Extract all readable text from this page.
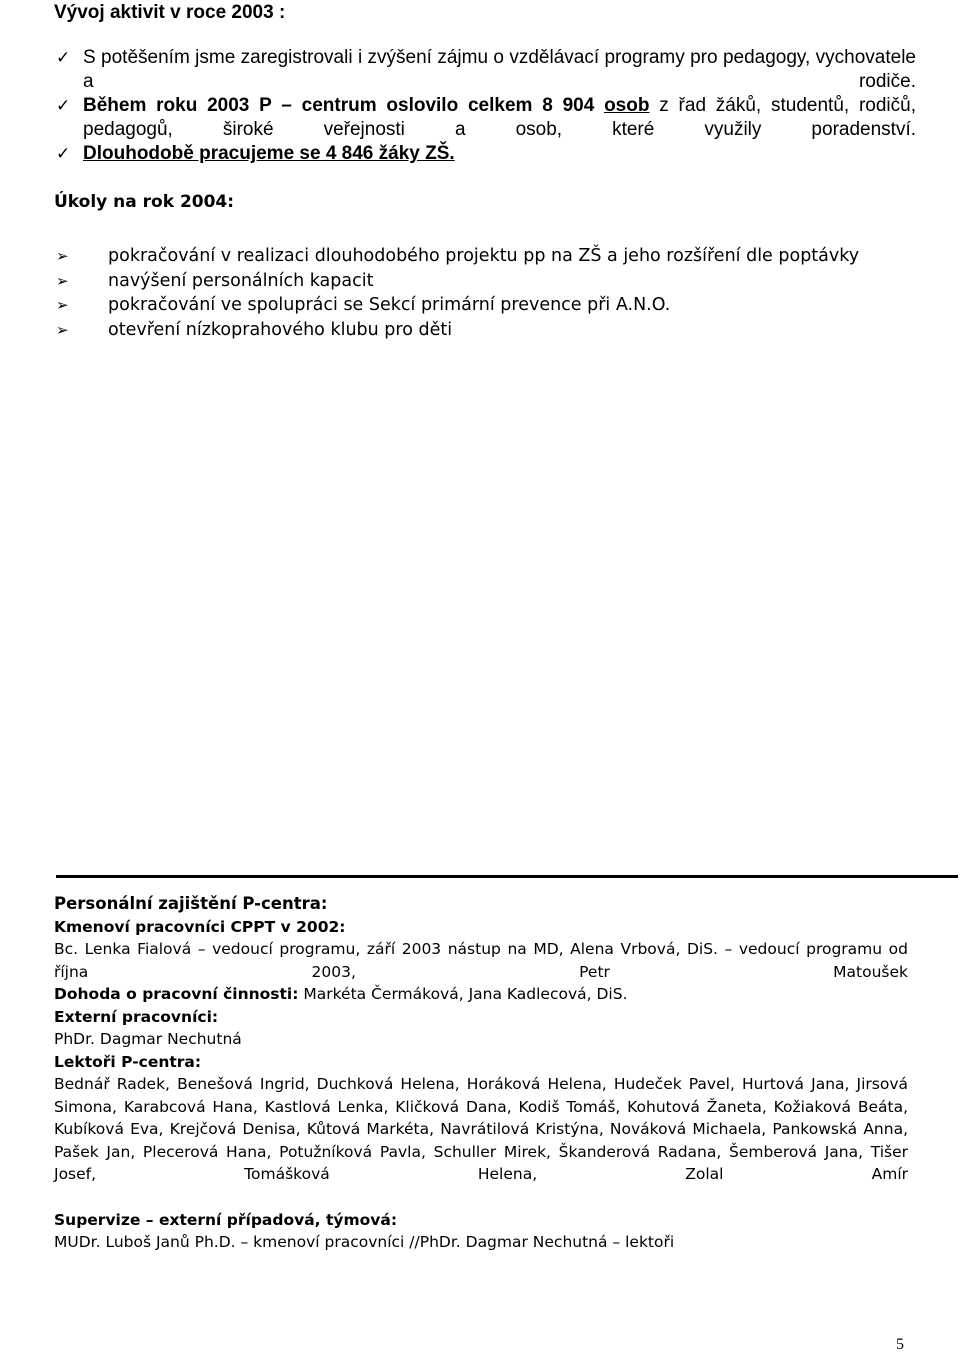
Vývoj aktivit v roce 2003 :
✓ S potěšením jsme zaregistrovali i zvýšení zájmu o vzdělávací programy pro pedagogy, vychovatele a rodiče.
✓ Během roku 2003 P – centrum oslovilo celkem 8 904 osob z řad žáků, studentů, rodičů, pedagogů, široké veřejnosti a osob, které využily poradenství.
✓ Dlouhodobě pracujeme se 4 846 žáky ZŠ.
Úkoly na rok 2004:
➢ pokračování v realizaci dlouhodobého projektu pp na ZŠ a jeho rozšíření dle poptávky
➢ navýšení personálních kapacit
➢ pokračování ve spolupráci se Sekcí primární prevence při A.N.O.
➢ otevření nízkoprahového klubu pro děti

Personální zajištění P-centra:

Kmenoví pracovníci CPPT v 2002:

Bc. Lenka Fialová – vedoucí programu, září 2003 nástup na MD, Alena Vrbová, DiS. – vedoucí programu od října 2003, Petr Matoušek

Dohoda o pracovní činnosti: Markéta Čermáková, Jana Kadlecová, DiS.

Externí pracovníci:

PhDr. Dagmar Nechutná

Lektoři P-centra:

Bednář Radek, Benešová Ingrid, Duchková Helena, Horáková Helena, Hudeček Pavel, Hurtová Jana, Jirsová Simona, Karabcová Hana, Kastlová Lenka, Kličková Dana, Kodiš Tomáš, Kohutová Žaneta, Kožiaková Beáta, Kubíková Eva, Krejčová Denisa, Kůtová Markéta, Navrátilová Kristýna, Nováková Michaela, Pankowská Anna, Pašek Jan, Plecerová Hana, Potužníková Pavla, Schuller Mirek, Škanderová Radana, Šemberová Jana, Tišer Josef, Tomášková Helena, Zolal Amír

Supervize – externí případová, týmová:

MUDr. Luboš Janů Ph.D. – kmenoví pracovníci //PhDr. Dagmar Nechutná – lektoři

5
